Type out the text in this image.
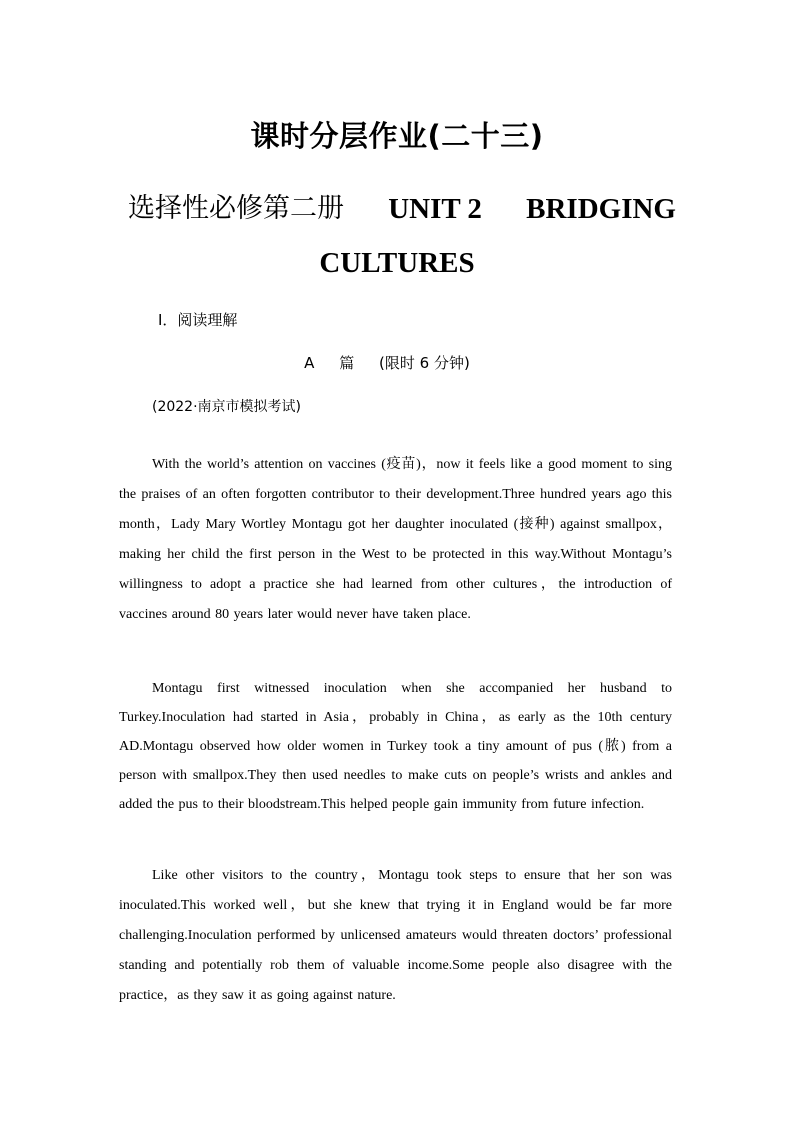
课时分层作业(二十三)
选择性必修第二册 UNIT 2 BRIDGING
CULTURES
Ⅰ．阅读理解
A 篇 (限时 6 分钟)
(2022·南京市模拟考试)

With the world’s attention on vaccines (疫苗)，now it feels like a good moment to sing the praises of an often forgotten contributor to their development.Three hundred years ago this month，Lady Mary Wortley Montagu got her daughter inoculated (接种) against smallpox，making her child the first person in the West to be protected in this way.Without Montagu’s willingness to adopt a practice she had learned from other cultures，the introduction of vaccines around 80 years later would never have taken place.

Montagu first witnessed inoculation when she accompanied her husband to Turkey.Inoculation had started in Asia，probably in China，as early as the 10th century AD.Montagu observed how older women in Turkey took a tiny amount of pus (脓) from a person with smallpox.They then used needles to make cuts on people’s wrists and ankles and added the pus to their bloodstream.This helped people gain immunity from future infection.

Like other visitors to the country，Montagu took steps to ensure that her son was inoculated.This worked well，but she knew that trying it in England would be far more challenging.Inoculation performed by unlicensed amateurs would threaten doctors’ professional standing and potentially rob them of valuable income.Some people also disagree with the practice，as they saw it as going against nature.
